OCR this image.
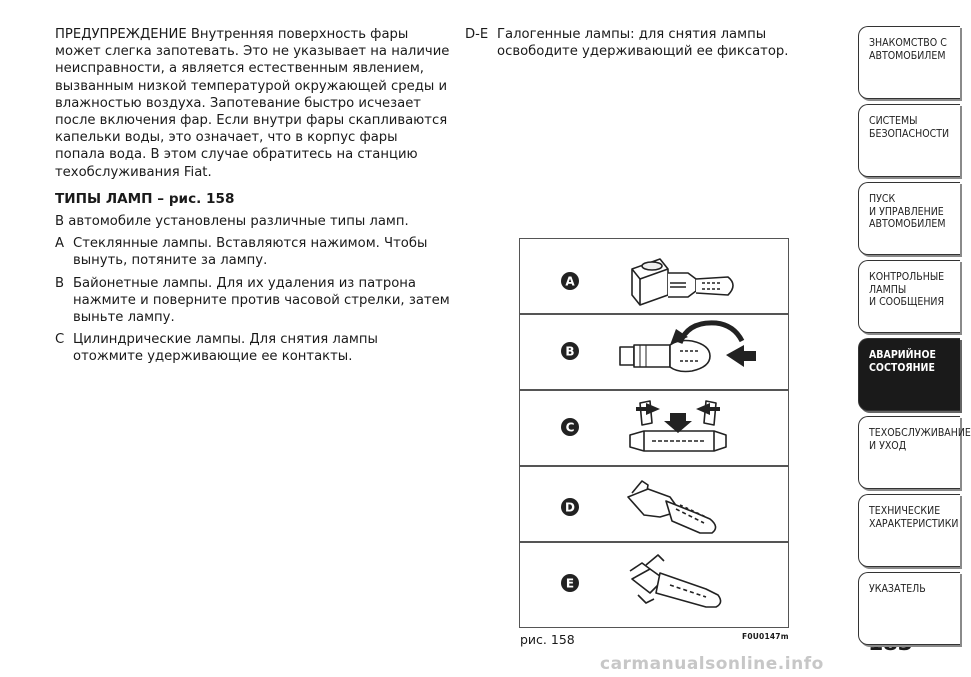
ПРЕДУПРЕЖДЕНИЕ Внутренняя поверхность фары может слегка запотевать. Это не указывает на наличие неисправности, а является естественным явлением, вызванным низкой температурой окружающей среды и влажностью воздуха. Запотевание быстро исчезает после включения фар. Если внутри фары скапливаются капельки воды, это означает, что в корпус фары попала вода. В этом случае обратитесь на станцию техобслуживания Fiat.

ТИПЫ ЛАМП – рис. 158

В автомобиле установлены различные типы ламп.

A Стеклянные лампы. Вставляются нажимом. Чтобы вынуть, потяните за лампу.
B Байонетные лампы. Для их удаления из патрона нажмите и поверните против часовой стрелки, затем выньте лампу.
C Цилиндрические лампы. Для снятия лампы отожмите удерживающие ее контакты.
D-E Галогенные лампы: для снятия лампы освободите удерживающий ее фиксатор.
A
B
C
D
E
рис. 158	F0U0147m
carmanualsonline.info
ЗНАКОМСТВО С
АВТОМОБИЛЕМ
СИСТЕМЫ
БЕЗОПАСНОСТИ
ПУСК
И УПРАВЛЕНИЕ
АВТОМОБИЛЕМ
КОНТРОЛЬНЫЕ
ЛАМПЫ
И СООБЩЕНИЯ
АВАРИЙНОЕ
СОСТОЯНИЕ
ТЕХОБСЛУЖИВАНИЕ
И УХОД
ТЕХНИЧЕСКИЕ
ХАРАКТЕРИСТИКИ
УКАЗАТЕЛЬ
